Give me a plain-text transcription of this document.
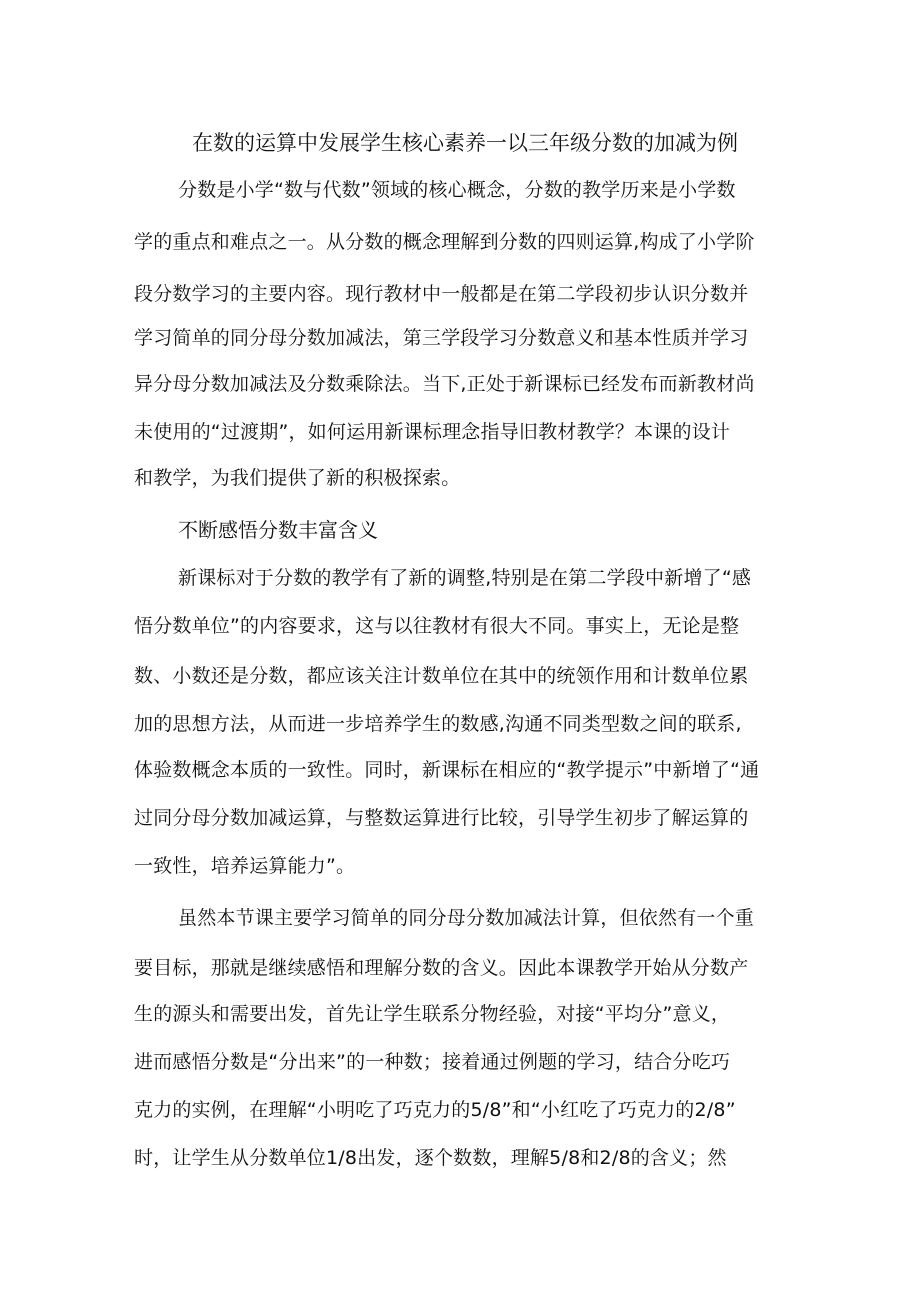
在数的运算中发展学生核心素养一以三年级分数的加减为例
分数是小学“数与代数”领域的核心概念，分数的教学历来是小学数
学的重点和难点之一。从分数的概念理解到分数的四则运算,构成了小学阶
段分数学习的主要内容。现行教材中一般都是在第二学段初步认识分数并
学习简单的同分母分数加减法，第三学段学习分数意义和基本性质并学习
异分母分数加减法及分数乘除法。当下,正处于新课标已经发布而新教材尚
未使用的“过渡期”，如何运用新课标理念指导旧教材教学？本课的设计
和教学，为我们提供了新的积极探索。
不断感悟分数丰富含义
新课标对于分数的教学有了新的调整,特别是在第二学段中新增了“感
悟分数单位”的内容要求，这与以往教材有很大不同。事实上，无论是整
数、小数还是分数，都应该关注计数单位在其中的统领作用和计数单位累
加的思想方法，从而进一步培养学生的数感,沟通不同类型数之间的联系,
体验数概念本质的一致性。同时，新课标在相应的“教学提示”中新增了“通
过同分母分数加减运算，与整数运算进行比较，引导学生初步了解运算的
一致性，培养运算能力”。
虽然本节课主要学习简单的同分母分数加减法计算，但依然有一个重
要目标，那就是继续感悟和理解分数的含义。因此本课教学开始从分数产
生的源头和需要出发，首先让学生联系分物经验，对接“平均分”意义，
进而感悟分数是“分出来”的一种数；接着通过例题的学习，结合分吃巧
克力的实例，在理解“小明吃了巧克力的5/8”和“小红吃了巧克力的2/8”
时，让学生从分数单位1/8出发，逐个数数，理解5/8和2/8的含义；然
